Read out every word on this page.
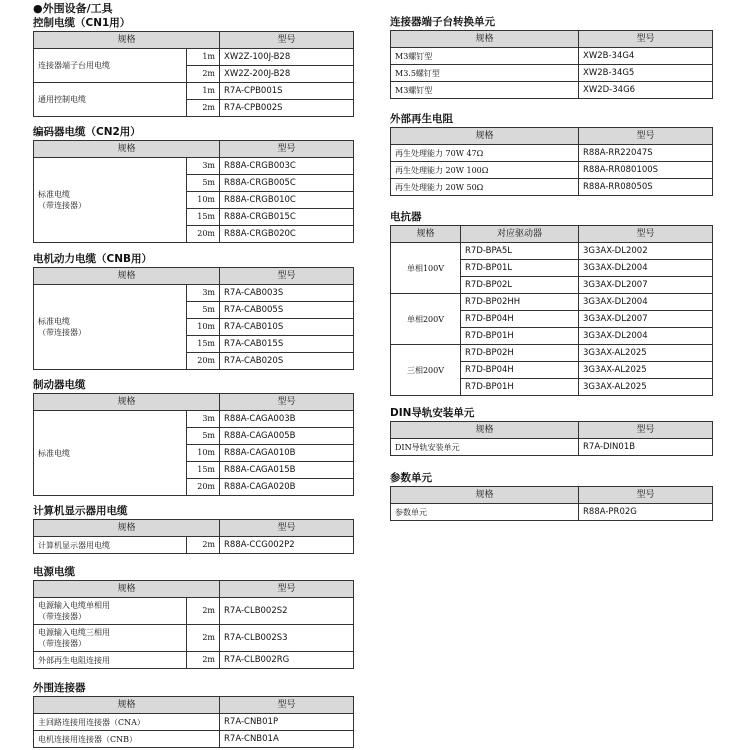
●外围设备/工具
控制电缆（CN1用）
规格		型号
连接器端子台用电缆	1m	XW2Z-100J-B28
	2m	XW2Z-200J-B28
通用控制电缆	1m	R7A-CPB001S
	2m	R7A-CPB002S
编码器电缆（CN2用）
规格		型号
标准电缆
（带连接器）	3m	R88A-CRGB003C
	5m	R88A-CRGB005C
	10m	R88A-CRGB010C
	15m	R88A-CRGB015C
	20m	R88A-CRGB020C
电机动力电缆（CNB用）
规格		型号
标准电缆
（带连接器）	3m	R7A-CAB003S
	5m	R7A-CAB005S
	10m	R7A-CAB010S
	15m	R7A-CAB015S
	20m	R7A-CAB020S
制动器电缆
规格		型号
标准电缆	3m	R88A-CAGA003B
	5m	R88A-CAGA005B
	10m	R88A-CAGA010B
	15m	R88A-CAGA015B
	20m	R88A-CAGA020B
计算机显示器用电缆
规格		型号
计算机显示器用电缆	2m	R88A-CCG002P2
电源电缆
规格		型号
电源输入电缆单相用
（带连接器）	2m	R7A-CLB002S2
电源输入电缆三相用
（带连接器）	2m	R7A-CLB002S3
外部再生电阻连接用	2m	R7A-CLB002RG
外围连接器
规格	型号
主回路连接用连接器（CNA）	R7A-CNB01P
电机连接用连接器（CNB）	R7A-CNB01A
连接器端子台转换单元
规格	型号
M3螺钉型	XW2B-34G4
M3.5螺钉型	XW2B-34G5
M3螺钉型	XW2D-34G6
外部再生电阻
规格	型号
再生处理能力 70W 47Ω	R88A-RR22047S
再生处理能力 20W 100Ω	R88A-RR080100S
再生处理能力 20W 50Ω	R88A-RR08050S
电抗器
规格	对应驱动器	型号
单相100V	R7D-BPA5L	3G3AX-DL2002
	R7D-BP01L	3G3AX-DL2004
	R7D-BP02L	3G3AX-DL2007
单相200V	R7D-BP02HH	3G3AX-DL2004
	R7D-BP04H	3G3AX-DL2007
	R7D-BP01H	3G3AX-DL2004
三相200V	R7D-BP02H	3G3AX-AL2025
	R7D-BP04H	3G3AX-AL2025
	R7D-BP01H	3G3AX-AL2025
DIN导轨安装单元
规格	型号
DIN导轨安装单元	R7A-DIN01B
参数单元
规格	型号
参数单元	R88A-PR02G
